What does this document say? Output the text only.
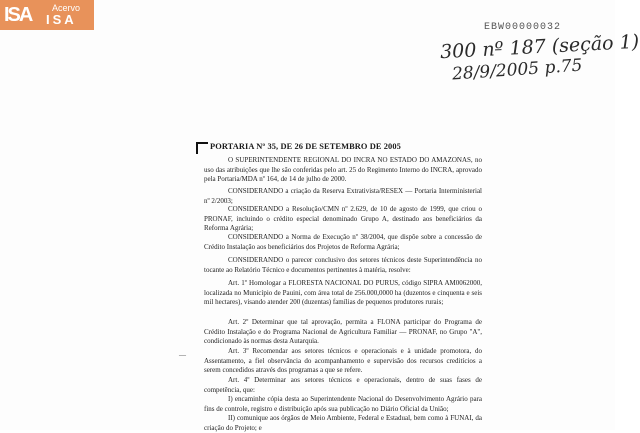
ISA Acervo
ISA
EBW00000032
300 nº 187 (seção 1)
28/9/2005 p.75
PORTARIA Nº 35, DE 26 DE SETEMBRO DE 2005
O SUPERINTENDENTE REGIONAL DO INCRA NO ESTADO DO AMAZONAS, no uso das atribuições que lhe são conferidas pelo art. 25 do Regimento Interno do INCRA, aprovado pela Portaria/MDA nº 164, de 14 de julho de 2000.
CONSIDERANDO a criação da Reserva Extrativista/RESEX — Portaria Interministerial nº 2/2003;
CONSIDERANDO a Resolução/CMN nº 2.629, de 10 de agosto de 1999, que criou o PRONAF, incluindo o crédito especial denominado Grupo A, destinado aos beneficiários da Reforma Agrária;
CONSIDERANDO a Norma de Execução nº 38/2004, que dispõe sobre a concessão de Crédito Instalação aos beneficiários dos Projetos de Reforma Agrária;
CONSIDERANDO o parecer conclusivo dos setores técnicos deste Superintendência no tocante ao Relatório Técnico e documentos pertinentes à matéria, resolve:
Art. 1º Homologar a FLORESTA NACIONAL DO PURUS, código SIPRA AM0062000, localizada no Município de Pauini, com área total de 256.000,0000 ha (duzentos e cinquenta e seis mil hectares), visando atender 200 (duzentas) famílias de pequenos produtores rurais;
Art. 2º Determinar que tal aprovação, permita a FLONA participar do Programa de Crédito Instalação e do Programa Nacional de Agricultura Familiar — PRONAF, no Grupo "A", condicionado às normas desta Autarquia.
Art. 3º Recomendar aos setores técnicos e operacionais e à unidade promotora, do Assentamento, a fiel observância do acompanhamento e supervisão dos recursos creditícios a serem concedidos através dos programas a que se refere.
Art. 4º Determinar aos setores técnicos e operacionais, dentro de suas fases de competência, que:
I) encaminhe cópia desta ao Superintendente Nacional do Desenvolvimento Agrário para fins de controle, registro e distribuição após sua publicação no Diário Oficial da União;
II) comunique aos órgãos de Meio Ambiente, Federal e Estadual, bem como à FUNAI, da criação do Projeto; e
—
